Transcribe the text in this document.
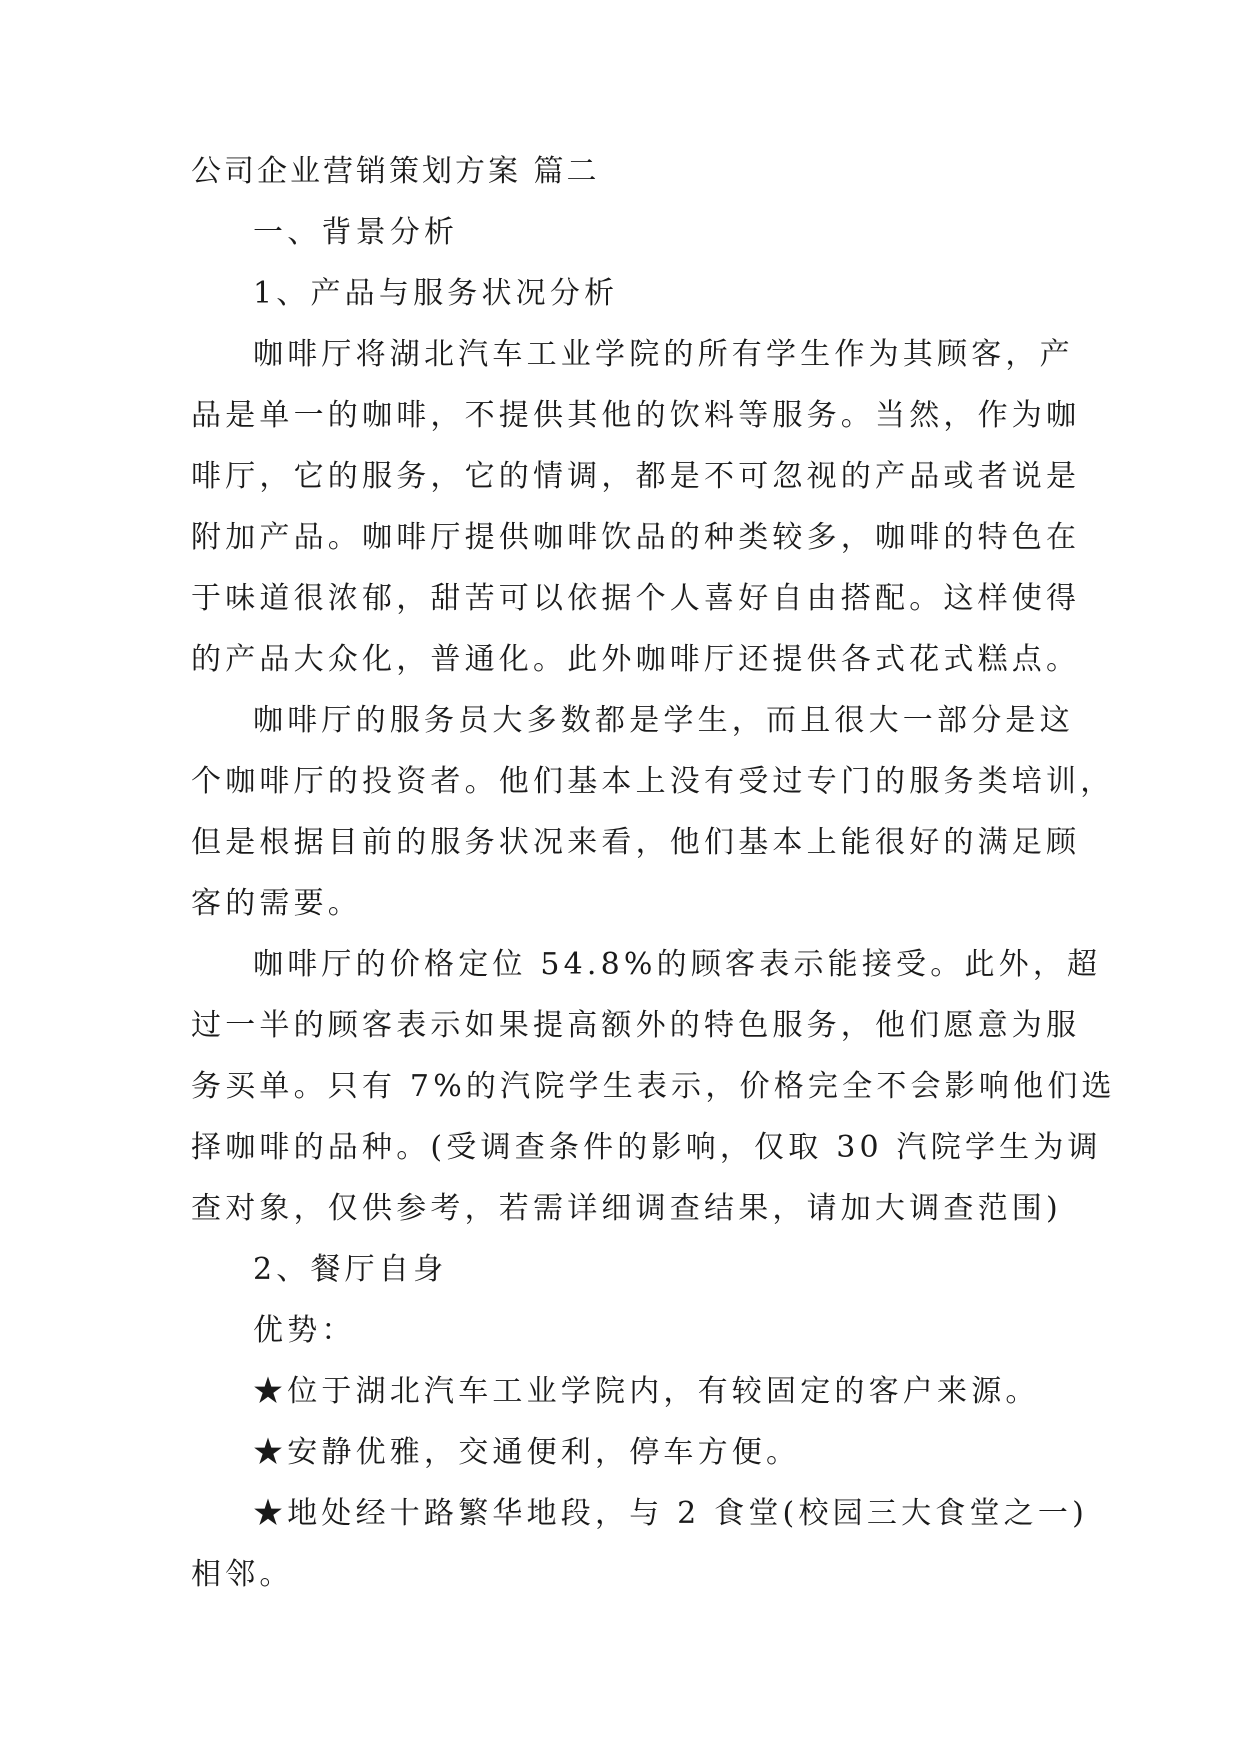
公司企业营销策划方案 篇二
一、背景分析
1、产品与服务状况分析
咖啡厅将湖北汽车工业学院的所有学生作为其顾客，产
品是单一的咖啡，不提供其他的饮料等服务。当然，作为咖
啡厅，它的服务，它的情调，都是不可忽视的产品或者说是
附加产品。咖啡厅提供咖啡饮品的种类较多，咖啡的特色在
于味道很浓郁，甜苦可以依据个人喜好自由搭配。这样使得
的产品大众化，普通化。此外咖啡厅还提供各式花式糕点。
咖啡厅的服务员大多数都是学生，而且很大一部分是这
个咖啡厅的投资者。他们基本上没有受过专门的服务类培训，
但是根据目前的服务状况来看，他们基本上能很好的满足顾
客的需要。
咖啡厅的价格定位 54.8%的顾客表示能接受。此外，超
过一半的顾客表示如果提高额外的特色服务，他们愿意为服
务买单。只有 7%的汽院学生表示，价格完全不会影响他们选
择咖啡的品种。(受调查条件的影响，仅取 30 汽院学生为调
查对象，仅供参考，若需详细调查结果，请加大调查范围)
2、餐厅自身
优势：
★位于湖北汽车工业学院内，有较固定的客户来源。
★安静优雅，交通便利，停车方便。
★地处经十路繁华地段，与 2 食堂(校园三大食堂之一)
相邻。
